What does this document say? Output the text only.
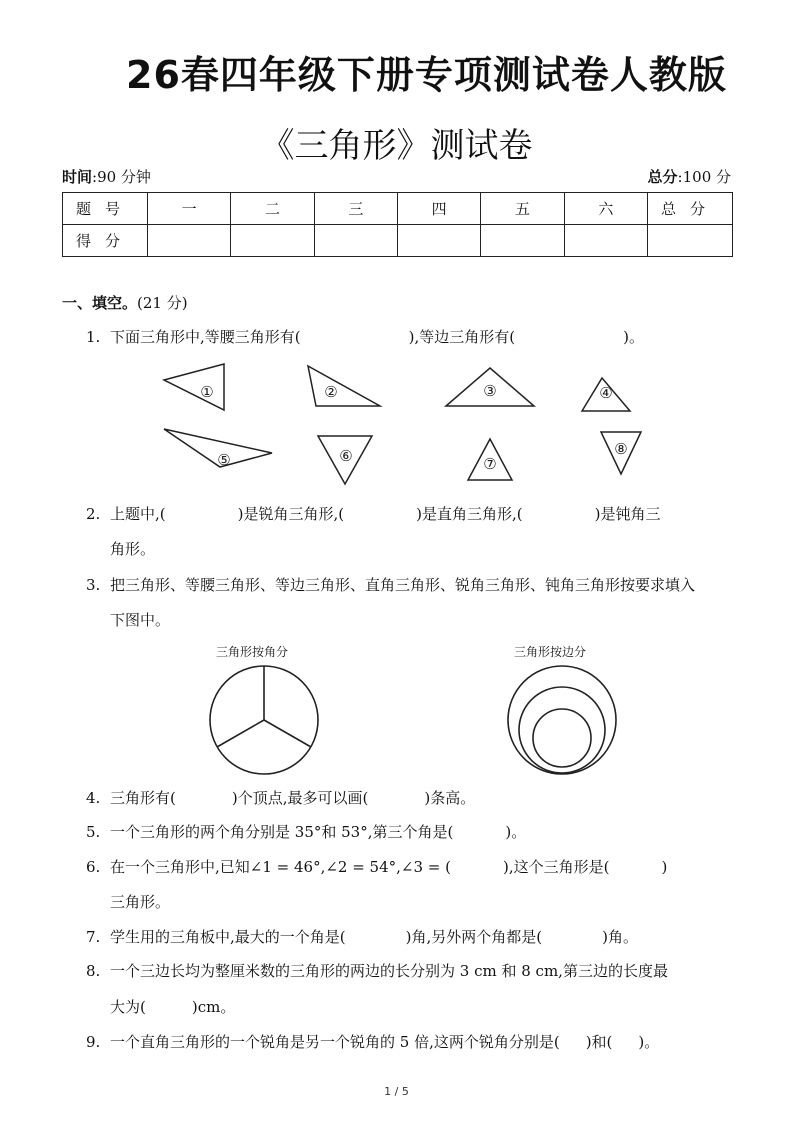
26春四年级下册专项测试卷人教版
《三角形》测试卷
时间:90 分钟	总分:100 分
题号	一	二	三	四	五	六	总分
得分							
一、填空。(21 分)
1. 下面三角形中,等腰三角形有(	),等边三角形有(	)。
①	②	③	④
⑤	⑥	⑦
⑧
2. 上题中,(	)是锐角三角形,(	)是直角三角形,(	)是钝角三
角形。
3. 把三角形、等腰三角形、等边三角形、直角三角形、锐角三角形、钝角三角形按要求填入
下图中。
三角形按角分	三角形按边分
4. 三角形有(	)个顶点,最多可以画(	)条高。
5. 一个三角形的两个角分别是 35°和 53°,第三个角是(	)。
6. 在一个三角形中,已知∠1 = 46°,∠2 = 54°,∠3 = (	),这个三角形是(	)
三角形。
7. 学生用的三角板中,最大的一个角是(	)角,另外两个角都是(	)角。
8. 一个三边长均为整厘米数的三角形的两边的长分别为 3 cm 和 8 cm,第三边的长度最
大为(	)cm。
9. 一个直角三角形的一个锐角是另一个锐角的 5 倍,这两个锐角分别是( )和( )。
1 / 5
